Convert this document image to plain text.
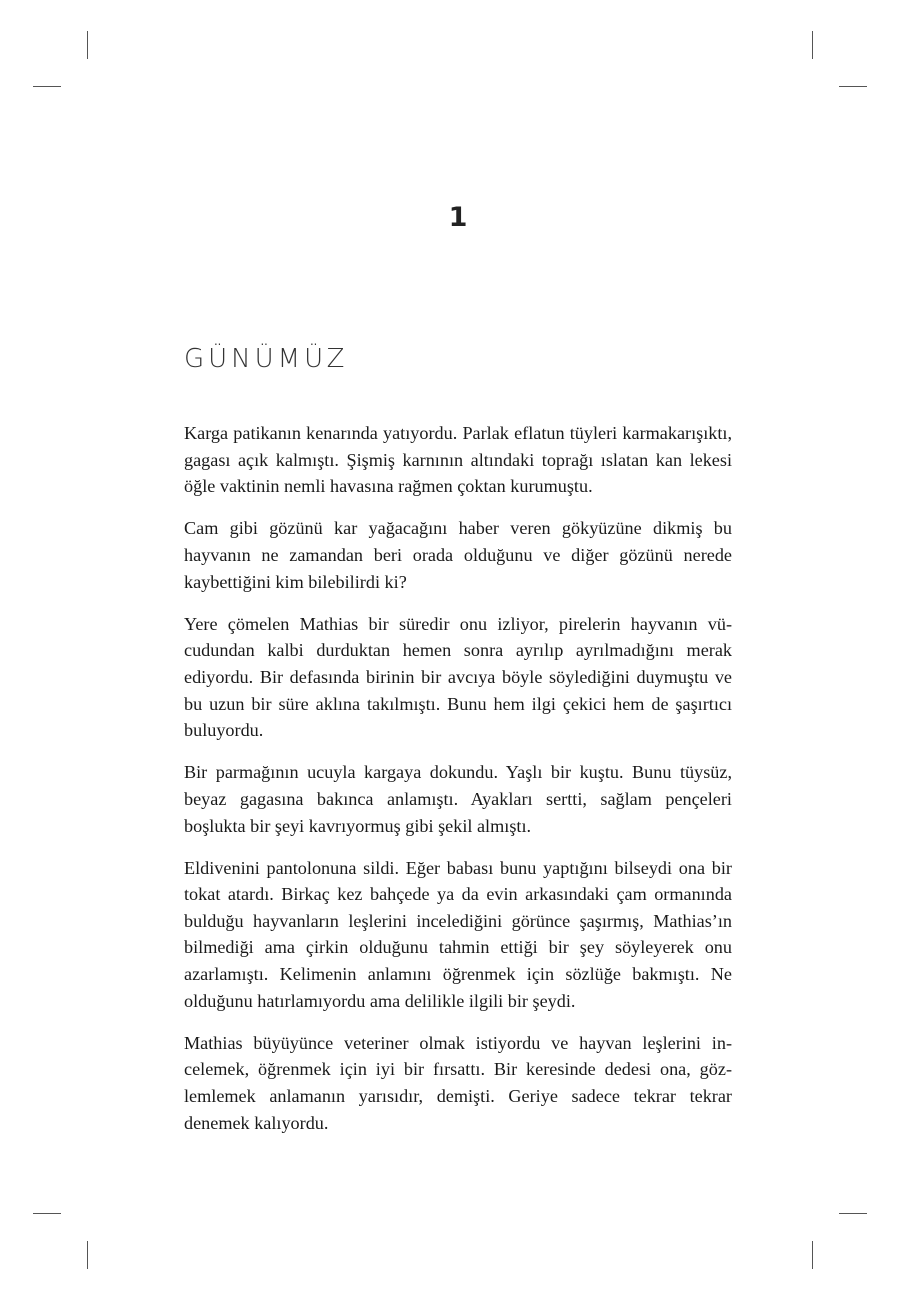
1
GÜNÜMÜZ

Karga patikanın kenarında yatıyordu. Parlak eflatun tüyleri karmakarışıktı, gagası açık kalmıştı. Şişmiş karnının altındaki toprağı ıslatan kan lekesi öğle vaktinin nemli havasına rağmen çoktan kurumuştu.

Cam gibi gözünü kar yağacağını haber veren gökyüzüne dikmiş bu hayvanın ne zamandan beri orada olduğunu ve diğer gözünü nerede kaybettiğini kim bilebilirdi ki?

Yere çömelen Mathias bir süredir onu izliyor, pirelerin hayvanın vücudundan kalbi durduktan hemen sonra ayrılıp ayrılmadığını merak ediyordu. Bir defasında birinin bir avcıya böyle söylediğini duymuştu ve bu uzun bir süre aklına takılmıştı. Bunu hem ilgi çekici hem de şaşırtıcı buluyordu.

Bir parmağının ucuyla kargaya dokundu. Yaşlı bir kuştu. Bunu tüysüz, beyaz gagasına bakınca anlamıştı. Ayakları sertti, sağlam pençeleri boşlukta bir şeyi kavrıyormuş gibi şekil almıştı.

Eldivenini pantolonuna sildi. Eğer babası bunu yaptığını bilseydi ona bir tokat atardı. Birkaç kez bahçede ya da evin arkasındaki çam ormanında bulduğu hayvanların leşlerini incelediğini görünce şaşırmış, Mathias’ın bilmediği ama çirkin olduğunu tahmin ettiği bir şey söyleyerek onu azarlamıştı. Kelimenin anlamını öğrenmek için sözlüğe bakmıştı. Ne olduğunu hatırlamıyordu ama delilikle ilgili bir şeydi.

Mathias büyüyünce veteriner olmak istiyordu ve hayvan leşlerini incelemek, öğrenmek için iyi bir fırsattı. Bir keresinde dedesi ona, gözlemlemek anlamanın yarısıdır, demişti. Geriye sadece tekrar tekrar denemek kalıyordu.
